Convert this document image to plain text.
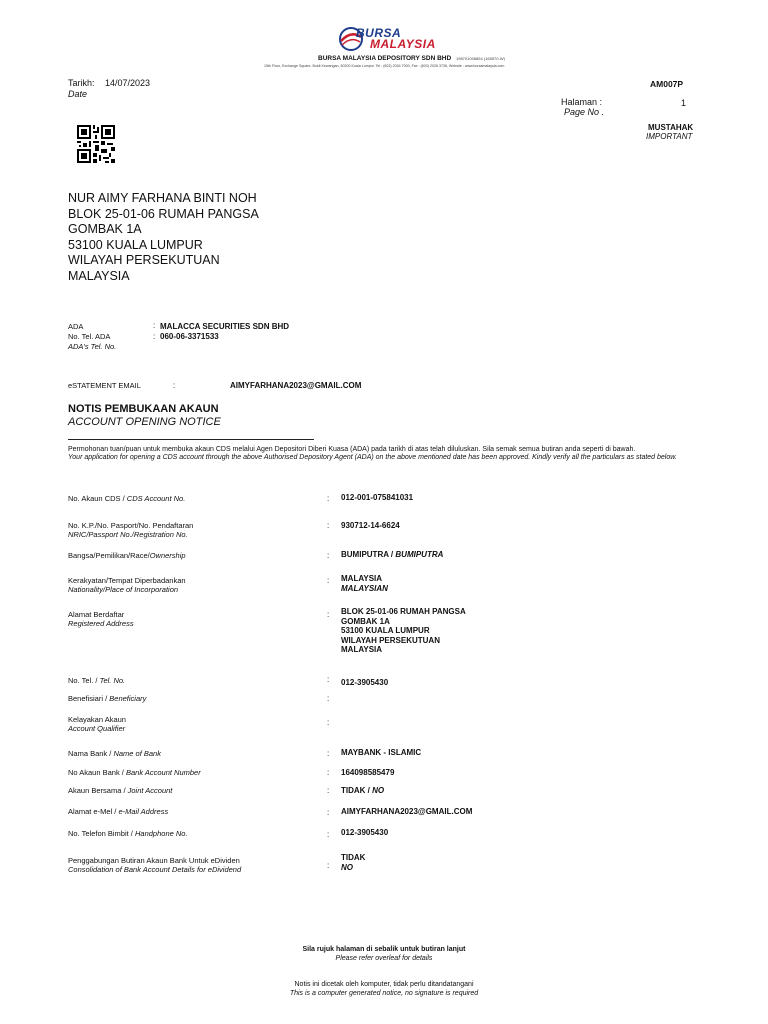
BURSA
MALAYSIA
BURSA MALAYSIA DEPOSITORY SDN BHD 198701006854 (165570-W)
15th Floor, Exchange Square, Bukit Kewangan, 50200 Kuala Lumpur. Tel : (603) 2034 7000, Fax : (603) 2026 3736, Website : www.bursamalaysia.com
Tarikh: 14/07/2023
Date
AM007P
Halaman :	1
Page No .
MUSTAHAK
IMPORTANT
NUR AIMY FARHANA BINTI NOH
BLOK 25-01-06 RUMAH PANGSA
GOMBAK 1A
53100 KUALA LUMPUR
WILAYAH PERSEKUTUAN
MALAYSIA
ADA	: MALACCA SECURITIES SDN BHD
No. Tel. ADA	: 060-06-3371533
ADA's Tel. No.
eSTATEMENT EMAIL	:	AIMYFARHANA2023@GMAIL.COM
NOTIS PEMBUKAAN AKAUN
ACCOUNT OPENING NOTICE
Permohonan tuan/puan untuk membuka akaun CDS melalui Agen Depositori Diberi Kuasa (ADA) pada tarikh di atas telah diluluskan. Sila semak semua butiran anda seperti di bawah.
Your application for opening a CDS account through the above Authorised Depository Agent (ADA) on the above mentioned date has been approved. Kindly verify all the particulars as stated below.
No. Akaun CDS / CDS Account No.	: 012-001-075841031
No. K.P./No. Pasport/No. Pendaftaran
NRIC/Passport No./Registration No.
: 930712-14-6624
Bangsa/Pemilikan/Race/Ownership	: BUMIPUTRA / BUMIPUTRA
Kerakyatan/Tempat Diperbadankan
Nationality/Place of Incorporation
: MALAYSIA
MALAYSIAN
Alamat Berdaftar
Registered Address
: BLOK 25-01-06 RUMAH PANGSA
GOMBAK 1A
53100 KUALA LUMPUR
WILAYAH PERSEKUTUAN
MALAYSIA
No. Tel. / Tel. No.	: 012-3905430
Benefisiari / Beneficiary	:
Kelayakan Akaun
Account Qualifier
:
Nama Bank / Name of Bank	: MAYBANK - ISLAMIC
No Akaun Bank / Bank Account Number	: 164098585479
Akaun Bersama / Joint Account	: TIDAK / NO
Alamat e-Mel / e-Mail Address	: AIMYFARHANA2023@GMAIL.COM
No. Telefon Bimbit / Handphone No.	: 012-3905430
Penggabungan Butiran Akaun Bank Untuk eDividen
Consolidation of Bank Account Details for eDividend	:
TIDAK
NO
Sila rujuk halaman di sebalik untuk butiran lanjut
Please refer overleaf for details
Notis ini dicetak oleh komputer, tidak perlu ditandatangani
This is a computer generated notice, no signature is required
